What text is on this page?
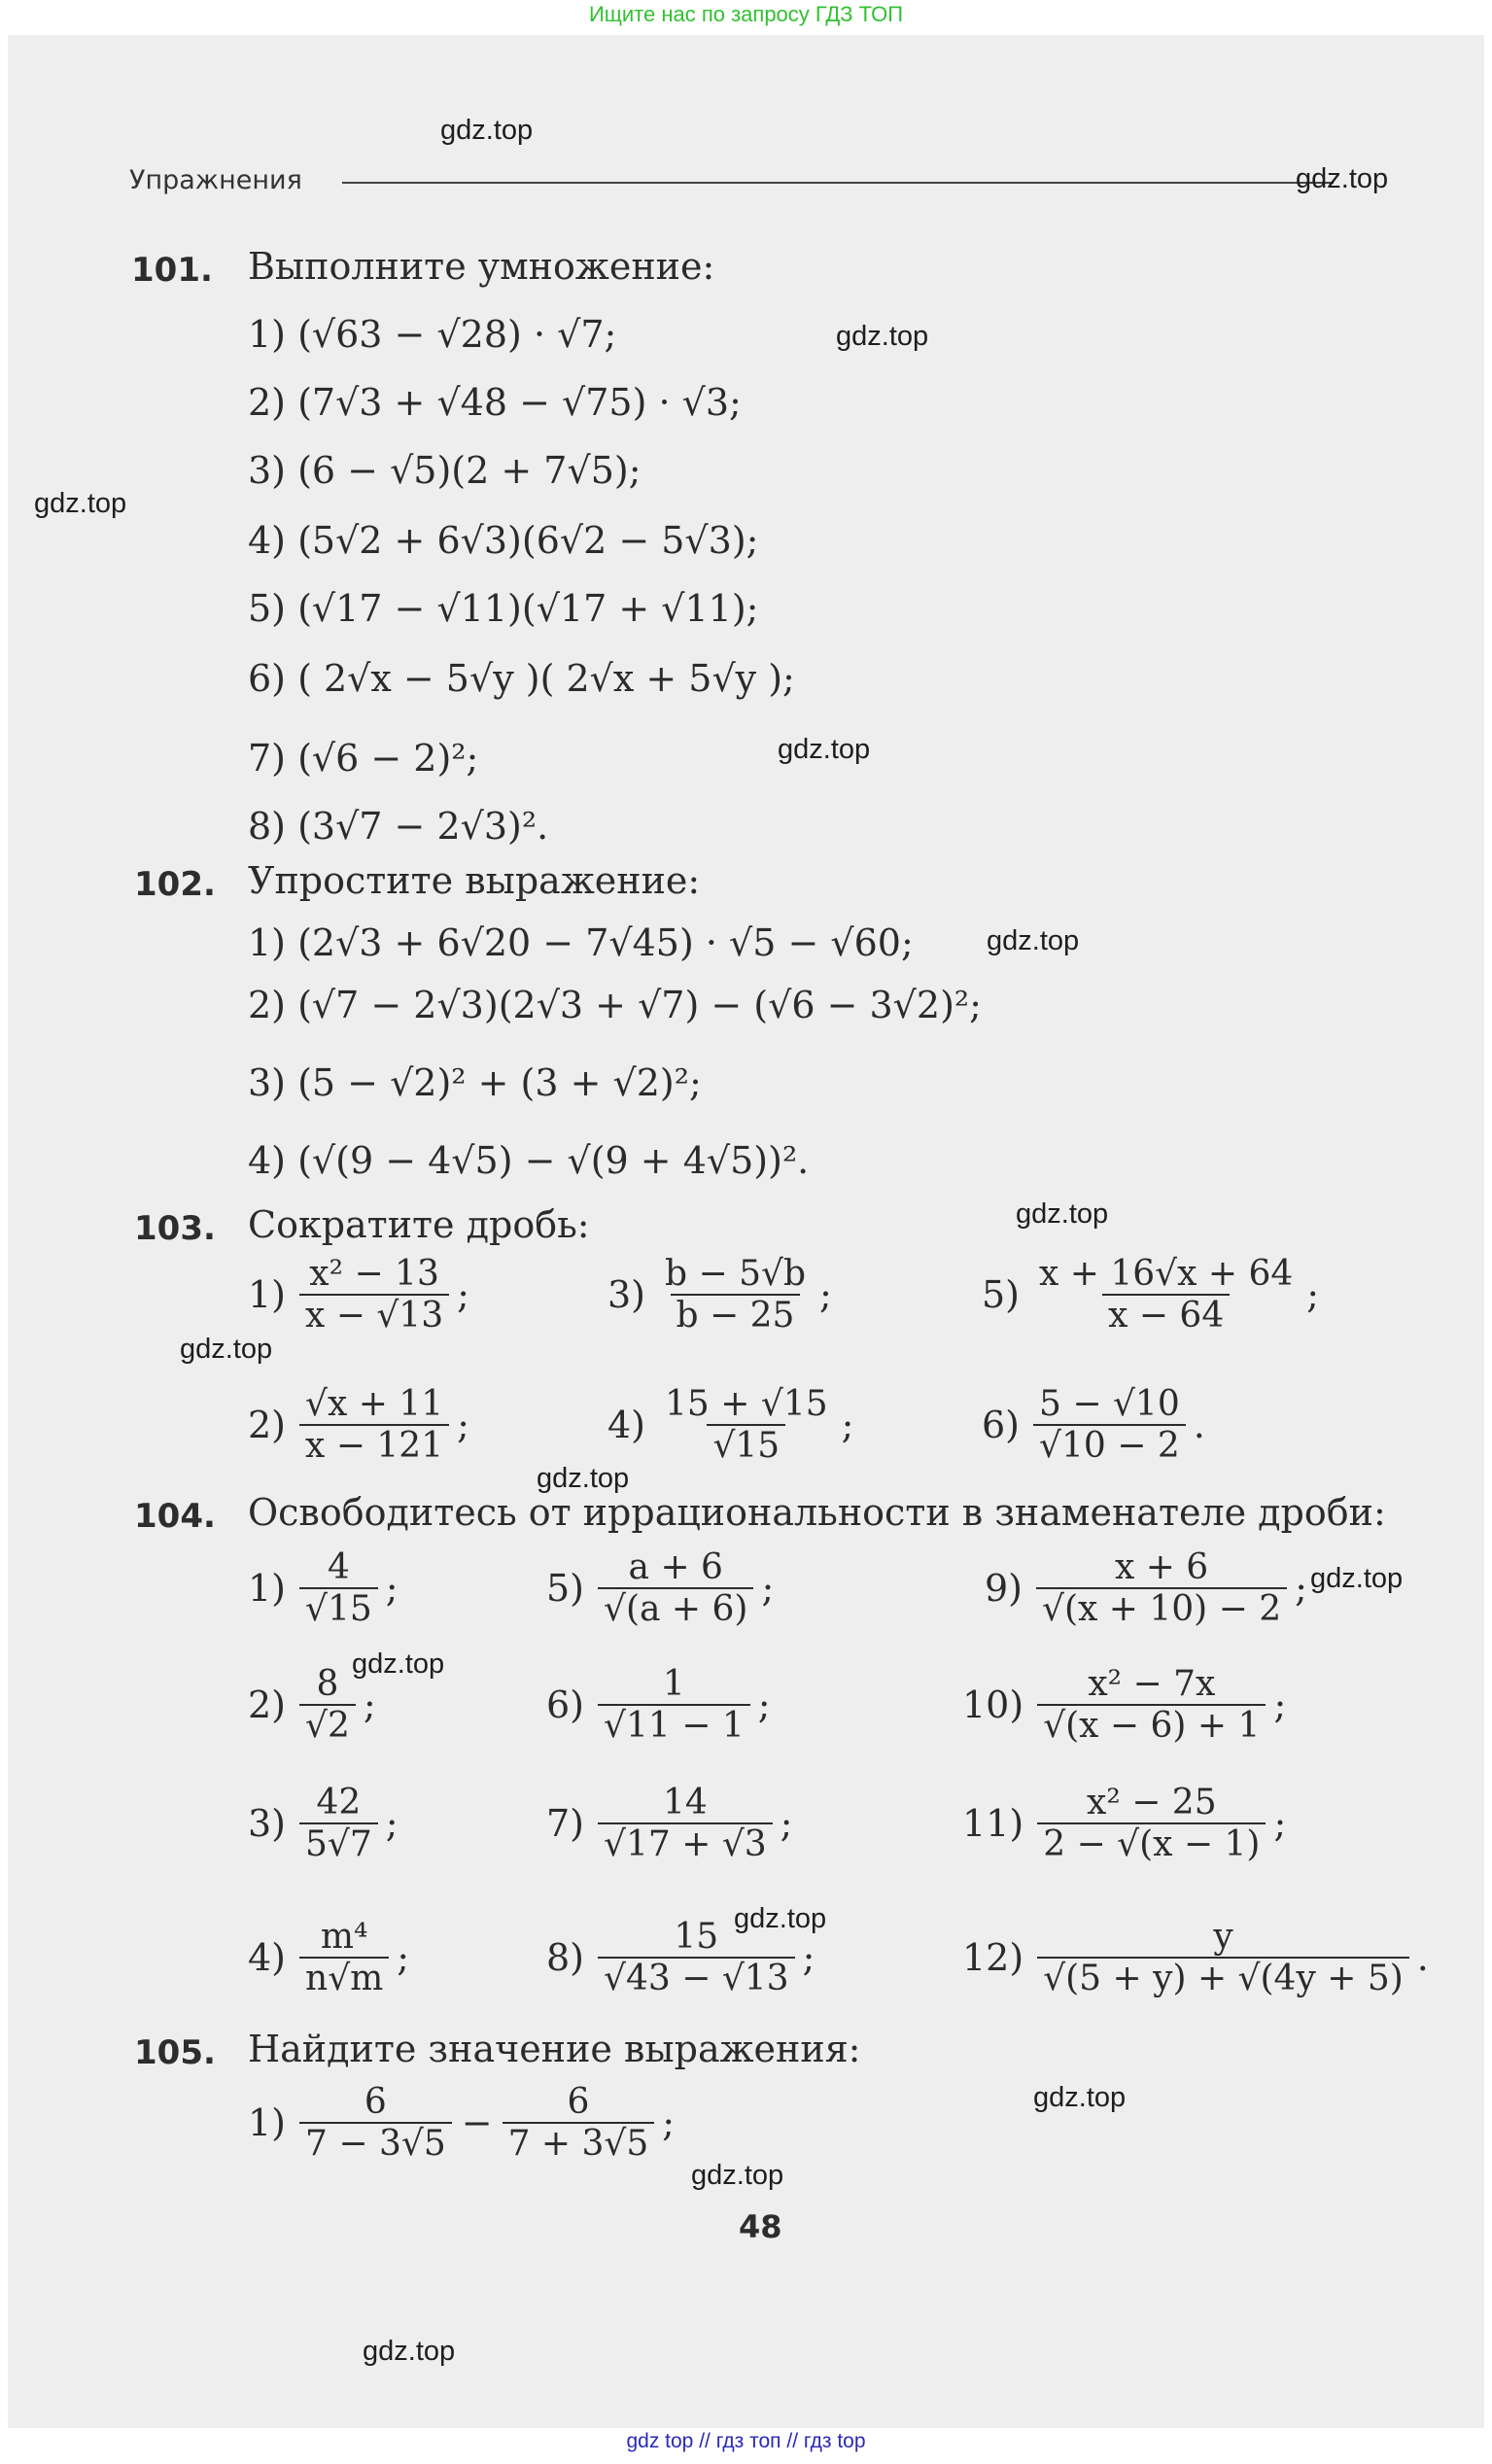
Ищите нас по запросу ГДЗ ТОП
Упражнения
gdz.top
gdz.top
gdz.top
gdz.top
gdz.top
gdz.top
gdz.top
gdz.top
gdz.top
gdz.top
gdz.top
gdz.top
gdz.top
gdz.top
gdz.top
101. Выполните умножение:
1) (√63 − √28) · √7;
2) (7√3 + √48 − √75) · √3;
3) (6 − √5)(2 + 7√5);
4) (5√2 + 6√3)(6√2 − 5√3);
5) (√17 − √11)(√17 + √11);
6) ( 2√x − 5√y )( 2√x + 5√y );
7) (√6 − 2)²;
8) (3√7 − 2√3)².
102. Упростите выражение:
1) (2√3 + 6√20 − 7√45) · √5 − √60;
2) (√7 − 2√3)(2√3 + √7) − (√6 − 3√2)²;
3) (5 − √2)² + (3 + √2)²;
4) (√(9 − 4√5) − √(9 + 4√5))².
103. Сократите дробь:
$1) \frac{\text{x² − 13}}{x - √13}$ ;	$3) \frac{b - 5√b}{b - 25}$ ;	$5) \frac{x + 16√x + 64}{x - 64}$ ;
$2) \frac{√x + 11}{x - 121}$ ;	$4) \frac{15 + √15}{√15}$ ;	$6) \frac{5 - √10}{√10 - 2}$ .
104. Освободитесь от иррациональности в знаменателе дроби:
$1) \frac{4}{√15}$ ;	$5) \frac{a + 6}{√(a + 6)}$ ;	$9) \frac{x + 6}{√(x + 10) - 2}$ ;
$2) \frac{8}{√2}$ ;	$6) \frac{1}{√11 - 1}$ ;	$10) \frac{\text{x² − 7x}}{√(x - 6) + 1}$ ;
$3) \frac{42}{5√7}$ ;	$7) \frac{14}{√17 + √3}$ ;	$11) \frac{\text{x² − 25}}{2 - √(x - 1)}$ ;
$4) \frac{\text{m⁴}}{n√m}$ ;	$8) \frac{15}{√43 - √13}$ ;	$12) \frac{y}{√(5 + y) + √(4y + 5)}$ .
105. Найдите значение выражения:
$1) \frac{6}{7 - 3√5} - \frac{6}{7 + 3√5}$ ;
48
gdz top // гдз топ // гдз top
